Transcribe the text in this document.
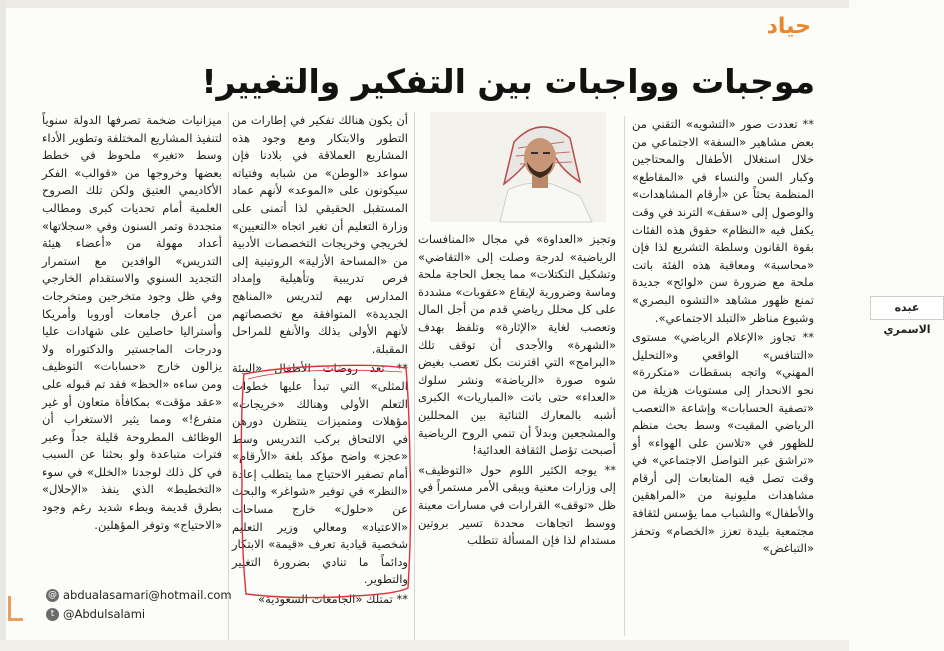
حياد
موجبات وواجبات بين التفكير والتغيير!

** تعددت صور «التشويه» التقني من بعض مشاهير «السفة» الاجتماعي من خلال استغلال الأطفال والمحتاجين وكبار السن والنساء في «المقاطع» المنظمة بحثاً عن «أرقام المشاهدات» والوصول إلى «سقف» الترند في وقت يكفل فيه «النظام» حقوق هذه الفئات بقوة القانون وسلطة التشريع لذا فإن «محاسبة» ومعاقبة هذه الفئة باتت ملحة مع ضرورة سن «لوائح» جديدة تمنع ظهور مشاهد «التشوه البصري» وشيوع مناظر «التبلد الاجتماعي».

** تجاوز «الإعلام الرياضي» مستوى «التنافس» الواقعي و«التحليل المهني» واتجه بسقطات «متكررة» نحو الانحدار إلى مستويات هزيلة من «تصفية الحسابات» وإشاعة «التعصب الرياضي المقيت» وسط بحث منظم للظهور في «تلاسن على الهواء» أو «تراشق عبر التواصل الاجتماعي» في وقت تصل فيه المتابعات إلى أرقام مشاهدات مليونية من «المراهقين والأطفال» والشباب مما يؤسس لثقافة مجتمعية بليدة تعزز «الخصام» وتحفز «التباغض»

عبده الاسمري

وتجيز «العداوة» في مجال «المنافسات الرياضية» لدرجة وصلت إلى «التقاضي» وتشكيل التكتلات» مما يجعل الحاجة ملحة وماسة وضرورية لإيقاع «عقوبات» مشددة على كل محلل رياضي قدم من أجل المال وتعصب لغاية «الإثارة» وتلفظ بهدف «الشهرة» والأجدى أن توقف تلك «البرامج» التي اقترنت بكل تعصب بغيض شوه صورة «الرياضة» ونشر سلوك «العداء» حتى باتت «المباريات» الكبرى أشبه بالمعارك الثنائية بين المحللين والمشجعين وبدلاً أن تنمي الروح الرياضية أصبحت تؤصل الثقافة العدائية!

** يوجه الكثير اللوم حول «التوظيف» إلى وزارات معنية ويبقى الأمر مستمراً في ظل «توقف» القرارات في مسارات معينة ووسط اتجاهات محددة تسير بروتين مستدام لذا فإن المسألة تتطلب

أن يكون هنالك تفكير في إطارات من التطور والابتكار ومع وجود هذه المشاريع العملاقة في بلادنا فإن سواعد «الوطن» من شبابه وفتياته سيكونون على «الموعد» لأنهم عماد المستقبل الحقيقي لذا أتمنى على وزارة التعليم أن تغير اتجاه «التعيين» لخريجي وخريجات التخصصات الأدبية من «المساحة الأزلية» الروتينية إلى فرص تدريبية وتأهيلية وإمداد المدارس بهم لتدريس «المناهج الجديدة» المتوافقة مع تخصصاتهم لأنهم الأولى بذلك والأنفع للمراحل المقبلة.

** تعد روضات الأطفال «البيئة المثلى» التي تبدأ عليها خطوات التعلم الأولى وهنالك «خريجات» مؤهلات ومتميزات ينتظرن دورهن في الالتحاق بركب التدريس وسط «عجز» واضح مؤكد بلغة «الأرقام» أمام تصفير الاحتياج مما يتطلب إعادة «النظر» في توفير «شواغر» والبحث عن «حلول» خارج مساحات «الاعتياد» ومعالي وزير التعليم شخصية قيادية تعرف «قيمة» الابتكار ودائماً ما تنادي بضرورة التغيير والتطوير.

** تمتلك «الجامعات السعودية»

ميزانيات ضخمة تصرفها الدولة سنوياً لتنفيذ المشاريع المختلفة وتطوير الأداء وسط «تغير» ملحوظ في خطط بعضها وخروجها من «قوالب» الفكر الأكاديمي العتيق ولكن تلك الصروح العلمية أمام تحديات كبرى ومطالب متجددة وتمر السنون وفي «سجلاتها» أعداد مهولة من «أعضاء هيئة التدريس» الوافدين مع استمرار التجديد السنوي والاستقدام الخارجي وفي ظل وجود متخرجين ومتخرجات من أعرق جامعات أوروبا وأمريكا وأستراليا حاصلين على شهادات عليا ودرجات الماجستير والدكتوراه ولا يزالون خارج «حسابات» التوظيف ومن ساءه «الحظ» فقد تم قبوله على «عقد مؤقت» بمكافأة متعاون أو غير متفرغ!» ومما يثير الاستغراب أن الوظائف المطروحة قليلة جداً وعبر فترات متباعدة ولو بحثنا عن السبب في كل ذلك لوجدنا «الخلل» في سوء «التخطيط» الذي ينفذ «الإحلال» بطرق قديمة وبطء شديد رغم وجود «الاحتياج» وتوفر المؤهلين.

@ abdualasamari@hotmail.com
t @Abdulsalami
